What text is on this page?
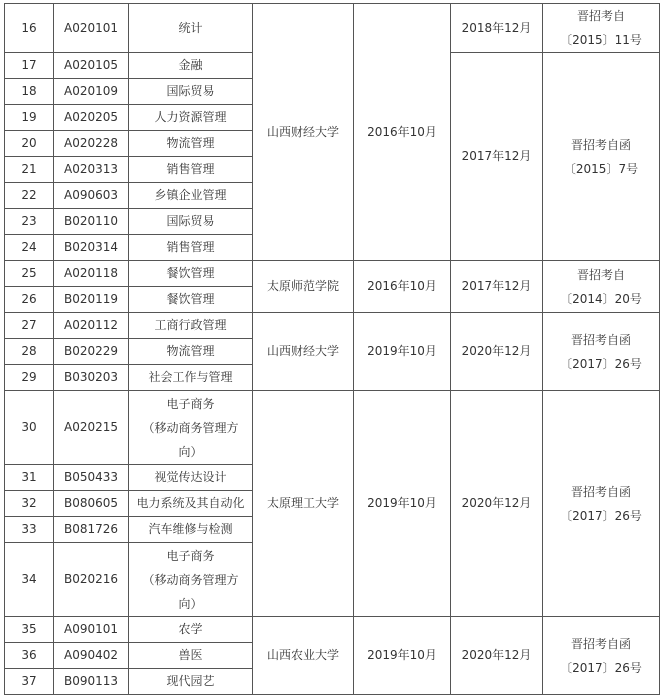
16	A020101	统计	山西财经大学	2016年10月	2018年12月	晋招考自
〔2015〕11号

17	A020105	金融			2017年12月	晋招考自函
〔2015〕7号

18	A020109	国际贸易				
19	A020205	人力资源管理				
20	A020228	物流管理				
21	A020313	销售管理				
22	A090603	乡镇企业管理				
23	B020110	国际贸易				
24	B020314	销售管理				
25	A020118	餐饮管理	太原师范学院	2016年10月	2017年12月	晋招考自
〔2014〕20号

26	B020119	餐饮管理				
27	A020112	工商行政管理	山西财经大学	2019年10月	2020年12月	晋招考自函
〔2017〕26号

28	B020229	物流管理				
29	B030203	社会工作与管理				
30	A020215	电子商务
（移动商务管理方
向）	太原理工大学	2019年10月	2020年12月	晋招考自函
〔2017〕26号

31	B050433	视觉传达设计				
32	B080605	电力系统及其自动化				
33	B081726	汽车维修与检测				
34	B020216	电子商务
（移动商务管理方
向）				

35	A090101	农学	山西农业大学	2019年10月	2020年12月	晋招考自函
〔2017〕26号

36	A090402	兽医				
37	B090113	现代园艺				
